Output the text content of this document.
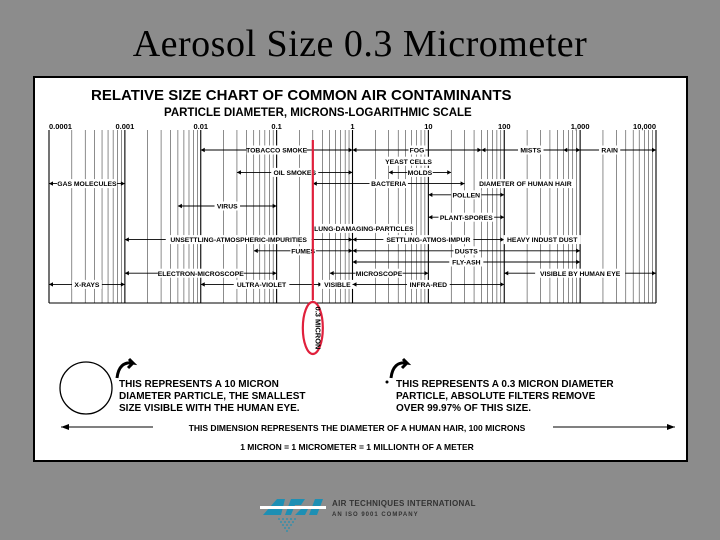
Aerosol Size 0.3 Micrometer
RELATIVE SIZE CHART OF COMMON AIR CONTAMINANTS
PARTICLE DIAMETER, MICRONS-LOGARITHMIC SCALE
0.0001	0.001	0.01	0.1	1	10	100	1,000	10,000
TOBACCO SMOKE	FOG	MISTS	RAIN
YEAST CELLS
MOLDS
OIL SMOKES
GAS MOLECULES	BACTERIA	DIAMETER OF HUMAN HAIR
POLLEN
VIRUS
PLANT-SPORES
LUNG-DAMAGING-PARTICLES
UNSETTLING-ATMOSPHERIC-IMPURITIES	SETTLING-ATMOS-IMPUR	HEAVY INDUST DUST
FUMES	DUSTS
FLY-ASH
ELECTRON-MICROSCOPE	MICROSCOPE	VISIBLE BY HUMAN EYE
X-RAYS	ULTRA-VIOLET	VISIBLE	INFRA-RED
0.3 MICRON
THIS REPRESENTS A 10 MICRON
DIAMETER PARTICLE, THE SMALLEST
SIZE VISIBLE WITH THE HUMAN EYE.
THIS REPRESENTS A 0.3 MICRON DIAMETER
PARTICLE, ABSOLUTE FILTERS REMOVE
OVER 99.97% OF THIS SIZE.
THIS DIMENSION REPRESENTS THE DIAMETER OF A HUMAN HAIR, 100 MICRONS
1 MICRON = 1 MICROMETER = 1 MILLIONTH OF A METER
AIR TECHNIQUES INTERNATIONAL
AN ISO 9001 COMPANY
